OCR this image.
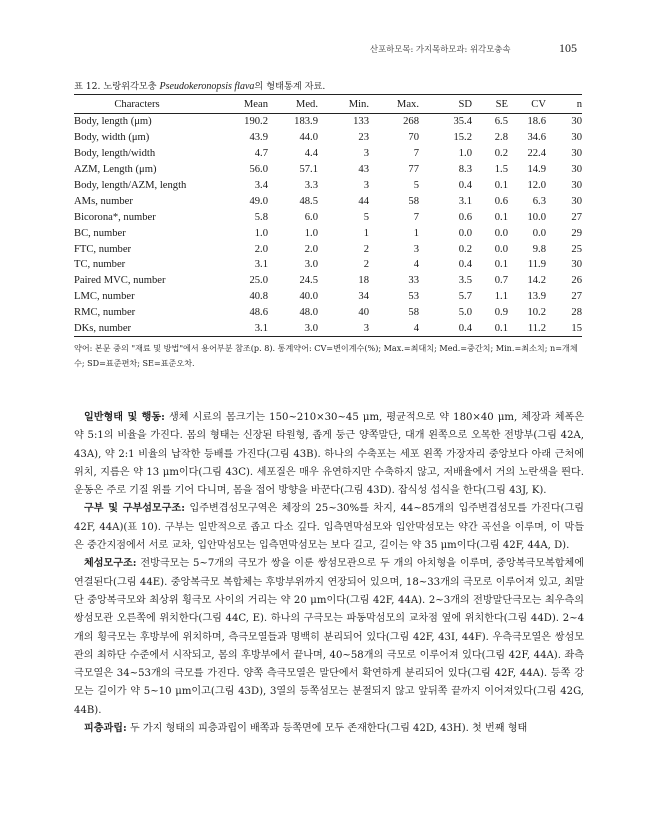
산포하모목: 가지목하모과: 위각모충속	105
표 12. 노랑위각모충 Pseudokeronopsis flava의 형태통계 자료.
Characters	Mean	Med.	Min.	Max.	SD	SE	CV	n
Body, length (μm)	190.2	183.9	133	268	35.4	6.5	18.6	30
Body, width (μm)	43.9	44.0	23	70	15.2	2.8	34.6	30
Body, length/width	4.7	4.4	3	7	1.0	0.2	22.4	30
AZM, Length (μm)	56.0	57.1	43	77	8.3	1.5	14.9	30
Body, length/AZM, length	3.4	3.3	3	5	0.4	0.1	12.0	30
AMs, number	49.0	48.5	44	58	3.1	0.6	6.3	30
Bicorona*, number	5.8	6.0	5	7	0.6	0.1	10.0	27
BC, number	1.0	1.0	1	1	0.0	0.0	0.0	29
FTC, number	2.0	2.0	2	3	0.2	0.0	9.8	25
TC, number	3.1	3.0	2	4	0.4	0.1	11.9	30
Paired MVC, number	25.0	24.5	18	33	3.5	0.7	14.2	26
LMC, number	40.8	40.0	34	53	5.7	1.1	13.9	27
RMC, number	48.6	48.0	40	58	5.0	0.9	10.2	28
DKs, number	3.1	3.0	3	4	0.4	0.1	11.2	15
약어: 본문 중의 "재료 및 방법"에서 용어부분 참조(p. 8). 통계약어: CV=변이계수(%); Max.=최대치; Med.=중간치; Min.=최소치; n=개체수; SD=표준편차; SE=표준오차.

일반형태 및 행동: 생체 시료의 몸크기는 150~210×30~45 μm, 평균적으로 약 180×40 μm, 체장과 체폭은 약 5:1의 비율을 가진다. 몸의 형태는 신장된 타원형, 좁게 둥근 양쪽말단, 대개 왼쪽으로 오목한 전방부(그림 42A, 43A), 약 2:1 비율의 납작한 등배를 가진다(그림 43B). 하나의 수축포는 세포 왼쪽 가장자리 중앙보다 아래 근처에 위치, 지름은 약 13 μm이다(그림 43C). 세포질은 매우 유연하지만 수축하지 않고, 저배율에서 거의 노란색을 띈다. 운동은 주로 기질 위를 기어 다니며, 몸을 접어 방향을 바꾼다(그림 43D). 잡식성 섭식을 한다(그림 43J, K).

구부 및 구부섬모구조: 입주변겹섬모구역은 체장의 25~30%를 차지, 44~85개의 입주변겹섬모를 가진다(그림 42F, 44A)(표 10). 구부는 일반적으로 좁고 다소 깊다. 입측면막섬모와 입안막섬모는 약간 곡선을 이루며, 이 막들은 중간지점에서 서로 교차, 입안막섬모는 입측면막섬모는 보다 길고, 길이는 약 35 μm이다(그림 42F, 44A, D).

체섬모구조: 전방극모는 5~7개의 극모가 쌍을 이룬 쌍섬모관으로 두 개의 아치형을 이루며, 중앙복극모복합체에 연결된다(그림 44E). 중앙복극모 복합체는 후방부위까지 연장되어 있으며, 18~33개의 극모로 이루어져 있고, 최말단 중앙복극모와 최상위 횡극모 사이의 거리는 약 20 μm이다(그림 42F, 44A). 2~3개의 전방말단극모는 최우측의 쌍섬모관 오른쪽에 위치한다(그림 44C, E). 하나의 구극모는 파동막섬모의 교차점 옆에 위치한다(그림 44D). 2~4개의 횡극모는 후방부에 위치하며, 측극모열들과 명백히 분리되어 있다(그림 42F, 43I, 44F). 우측극모열은 쌍섬모관의 최하단 수준에서 시작되고, 몸의 후방부에서 끝나며, 40~58개의 극모로 이루어져 있다(그림 42F, 44A). 좌측극모열은 34~53개의 극모를 가진다. 양쪽 측극모열은 말단에서 확연하게 분리되어 있다(그림 42F, 44A). 등쪽 강모는 길이가 약 5~10 μm이고(그림 43D), 3열의 등쪽섬모는 분절되지 않고 앞뒤쪽 끝까지 이어져있다(그림 42G, 44B).

피층과립: 두 가지 형태의 피층과립이 배쪽과 등쪽면에 모두 존재한다(그림 42D, 43H). 첫 번째 형태
